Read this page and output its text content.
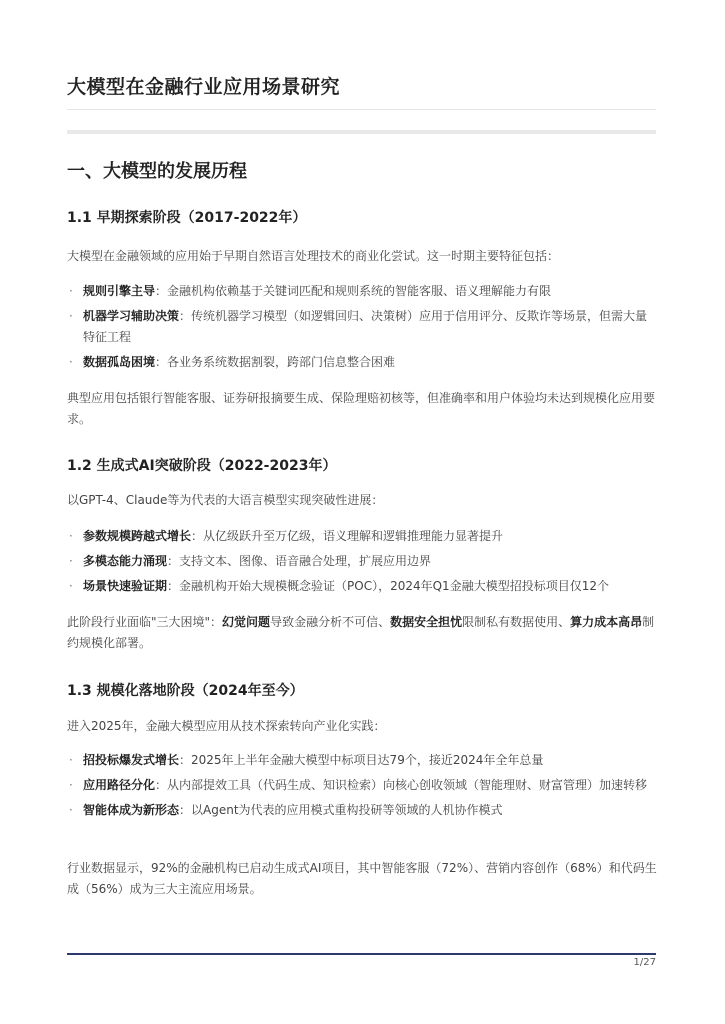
大模型在金融行业应用场景研究
一、大模型的发展历程
1.1 早期探索阶段（2017-2022年）

大模型在金融领域的应用始于早期自然语言处理技术的商业化尝试。这一时期主要特征包括：

· 规则引擎主导：金融机构依赖基于关键词匹配和规则系统的智能客服、语义理解能力有限
· 机器学习辅助决策：传统机器学习模型（如逻辑回归、决策树）应用于信用评分、反欺诈等场景，但需大量特征工程
· 数据孤岛困境：各业务系统数据割裂，跨部门信息整合困难

典型应用包括银行智能客服、证券研报摘要生成、保险理赔初核等，但准确率和用户体验均未达到规模化应用要求。

1.2 生成式AI突破阶段（2022-2023年）

以GPT-4、Claude等为代表的大语言模型实现突破性进展：

· 参数规模跨越式增长：从亿级跃升至万亿级，语义理解和逻辑推理能力显著提升
· 多模态能力涌现：支持文本、图像、语音融合处理，扩展应用边界
· 场景快速验证期：金融机构开始大规模概念验证（POC），2024年Q1金融大模型招投标项目仅12个

此阶段行业面临"三大困境"：幻觉问题导致金融分析不可信、数据安全担忧限制私有数据使用、算力成本高昂制约规模化部署。

1.3 规模化落地阶段（2024年至今）

进入2025年，金融大模型应用从技术探索转向产业化实践：

· 招投标爆发式增长：2025年上半年金融大模型中标项目达79个，接近2024年全年总量
· 应用路径分化：从内部提效工具（代码生成、知识检索）向核心创收领域（智能理财、财富管理）加速转移
· 智能体成为新形态：以Agent为代表的应用模式重构投研等领域的人机协作模式

行业数据显示，92%的金融机构已启动生成式AI项目，其中智能客服（72%）、营销内容创作（68%）和代码生成（56%）成为三大主流应用场景。

1/27
